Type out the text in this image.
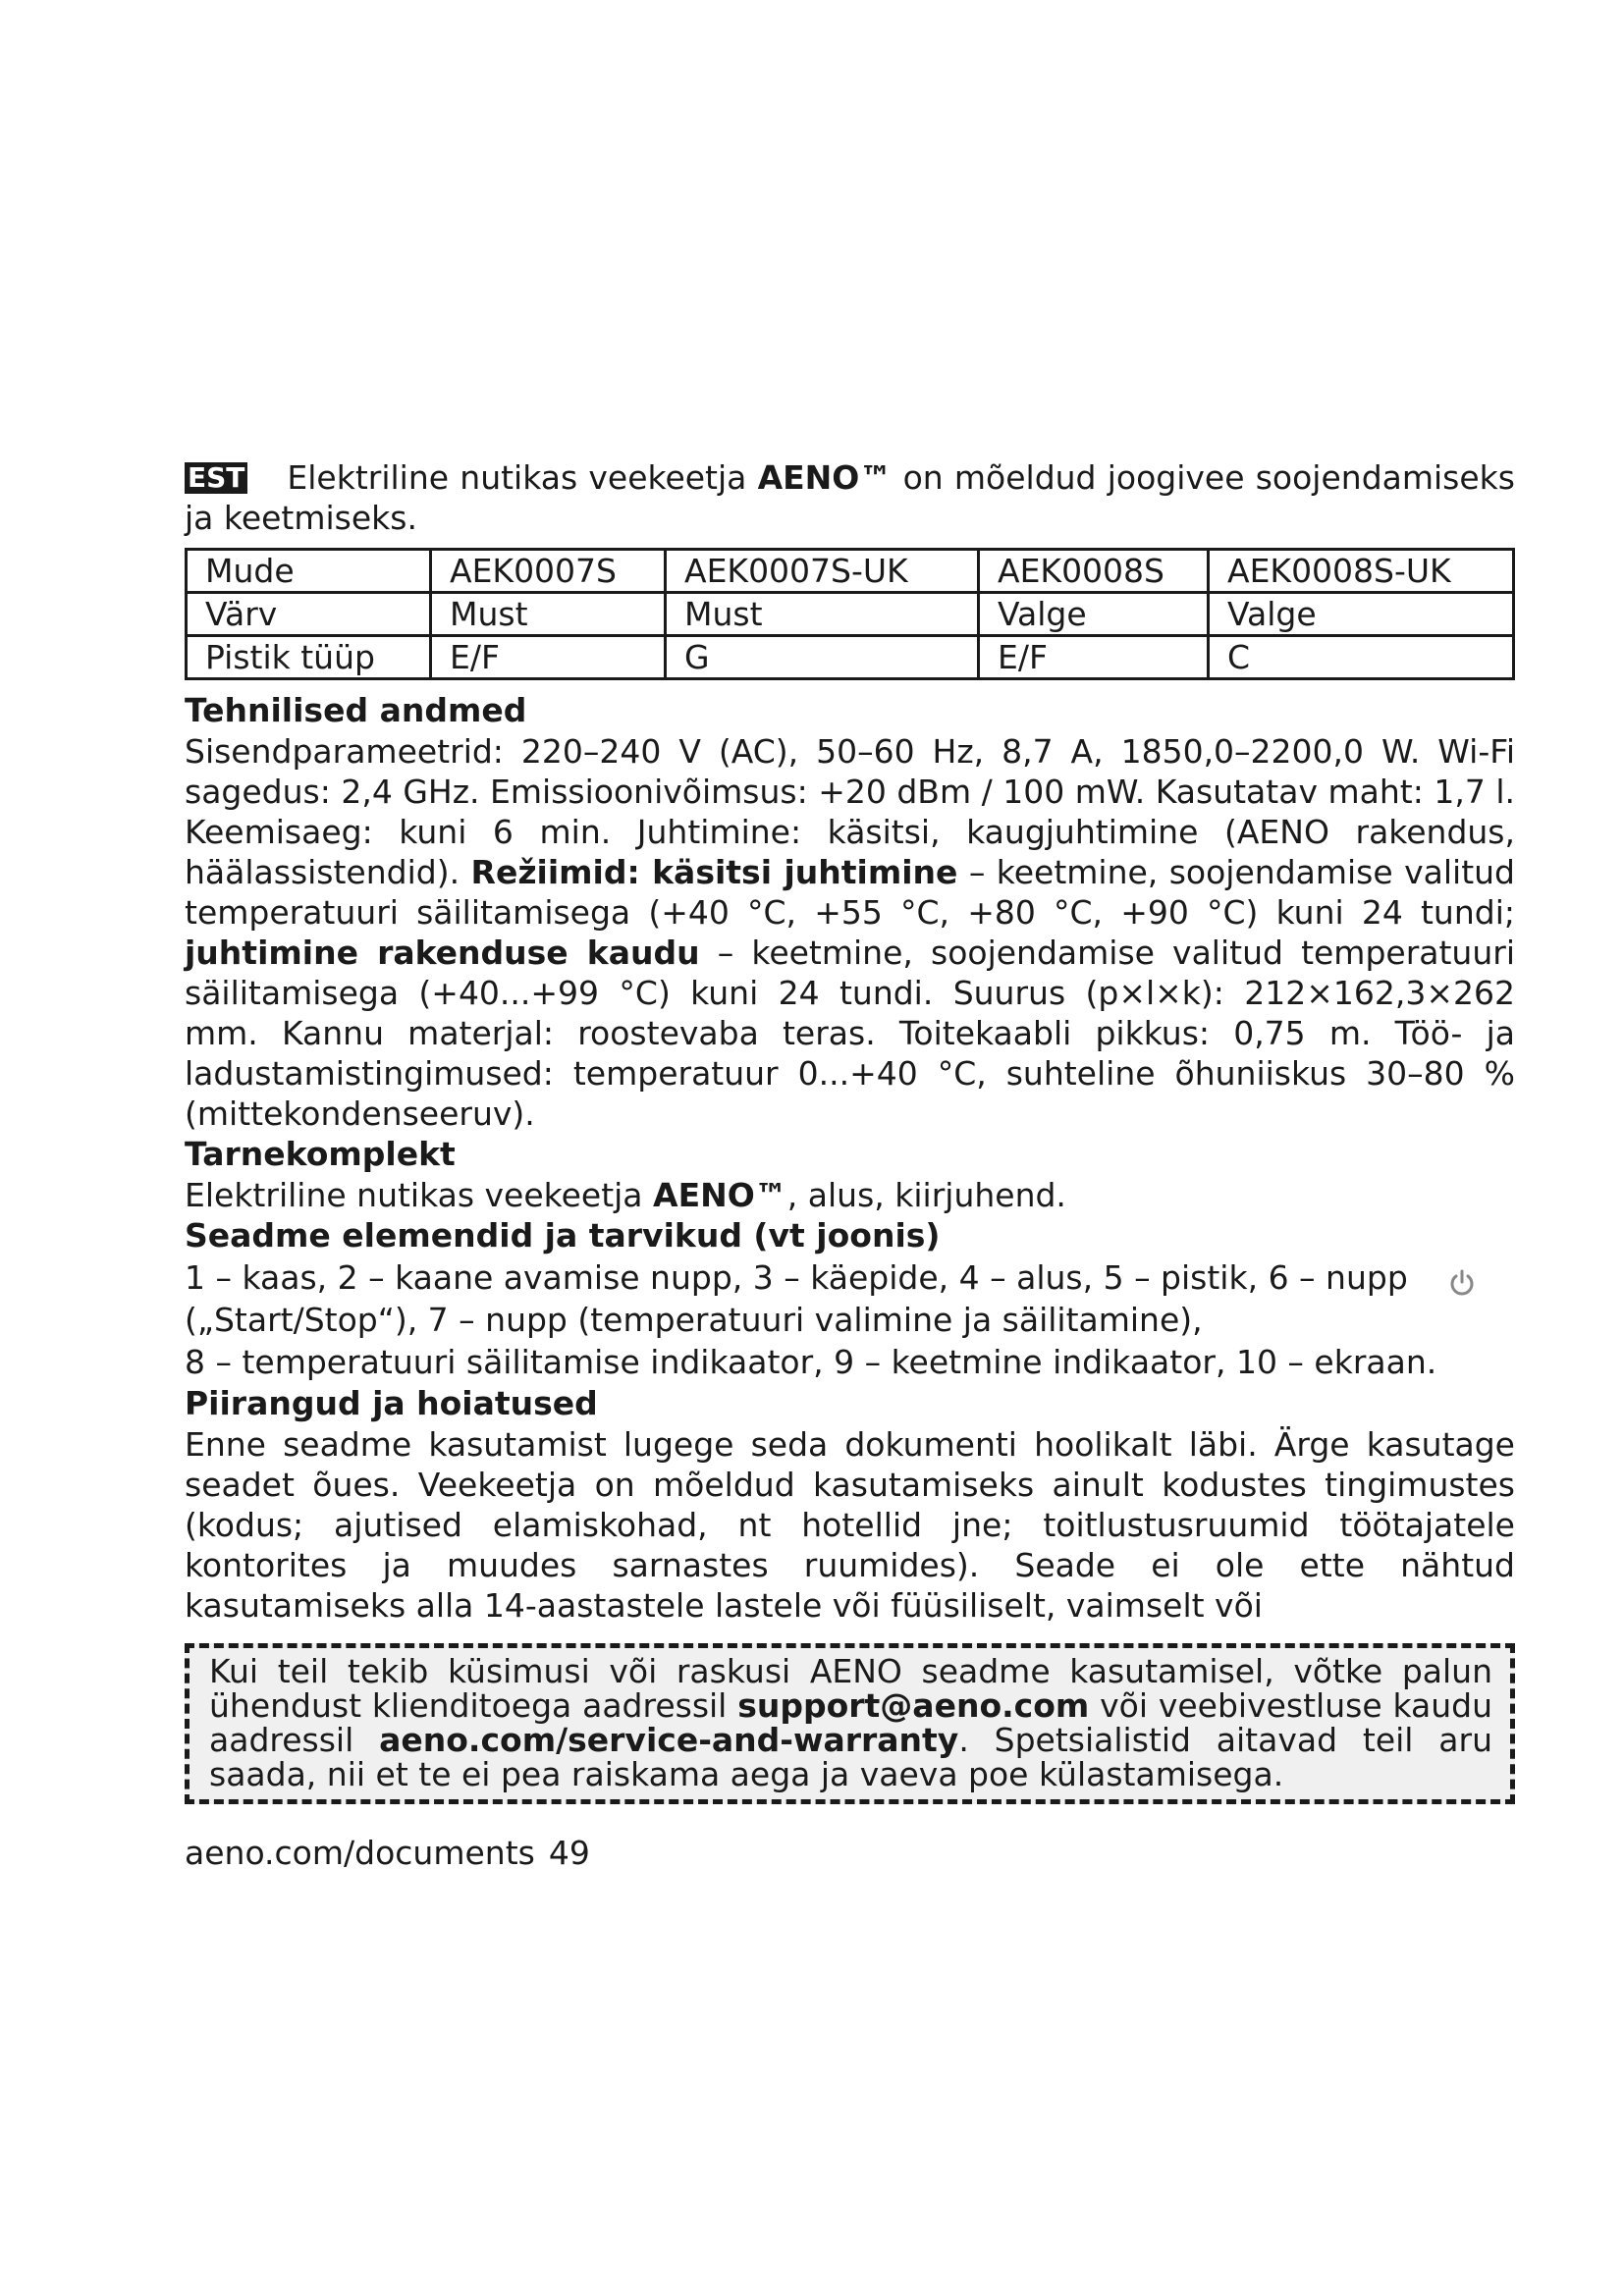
EST Elektriline nutikas veekeetja AENO™ on mõeldud joogivee soojendamiseks ja keetmiseks.

Mude	AEK0007S	AEK0007S-UK	AEK0008S	AEK0008S-UK
Värv	Must	Must	Valge	Valge
Pistik tüüp	E/F	G	E/F	C
Tehnilised andmed

Sisendparameetrid: 220–240 V (AC), 50–60 Hz, 8,7 A, 1850,0–2200,0 W. Wi-Fi sagedus: 2,4 GHz. Emissioonivõimsus: +20 dBm / 100 mW. Kasutatav maht: 1,7 l. Keemisaeg: kuni 6 min. Juhtimine: käsitsi, kaugjuhtimine (AENO rakendus, häälassistendid). Režiimid: käsitsi juhtimine – keetmine, soojendamise valitud temperatuuri säilitamisega (+40 °C, +55 °C, +80 °C, +90 °C) kuni 24 tundi; juhtimine rakenduse kaudu – keetmine, soojendamise valitud temperatuuri säilitamisega (+40...+99 °C) kuni 24 tundi. Suurus (p×l×k): 212×162,3×262 mm. Kannu materjal: roostevaba teras. Toitekaabli pikkus: 0,75 m. Töö- ja ladustamistingimused: temperatuur 0...+40 °C, suhteline õhuniiskus 30–80 % (mittekondenseeruv).

Tarnekomplekt

Elektriline nutikas veekeetja AENO™, alus, kiirjuhend.

Seadme elemendid ja tarvikud (vt joonis)
1 – kaas, 2 – kaane avamise nupp, 3 – käepide, 4 – alus, 5 – pistik, 6 – nupp
(„Start/Stop“), 7 – nupp (temperatuuri valimine ja säilitamine),
8 – temperatuuri säilitamise indikaator, 9 – keetmine indikaator, 10 – ekraan.
Piirangud ja hoiatused

Enne seadme kasutamist lugege seda dokumenti hoolikalt läbi. Ärge kasutage seadet õues. Veekeetja on mõeldud kasutamiseks ainult kodustes tingimustes (kodus; ajutised elamiskohad, nt hotellid jne; toitlustusruumid töötajatele kontorites ja muudes sarnastes ruumides). Seade ei ole ette nähtud kasutamiseks alla 14-aastastele lastele või füüsiliselt, vaimselt või

Kui teil tekib küsimusi või raskusi AENO seadme kasutamisel, võtke palun ühendust klienditoega aadressil support@aeno.com või veebivestluse kaudu aadressil aeno.com/service-and-warranty. Spetsialistid aitavad teil aru saada, nii et te ei pea raiskama aega ja vaeva poe külastamisega.
aeno.com/documents 49
